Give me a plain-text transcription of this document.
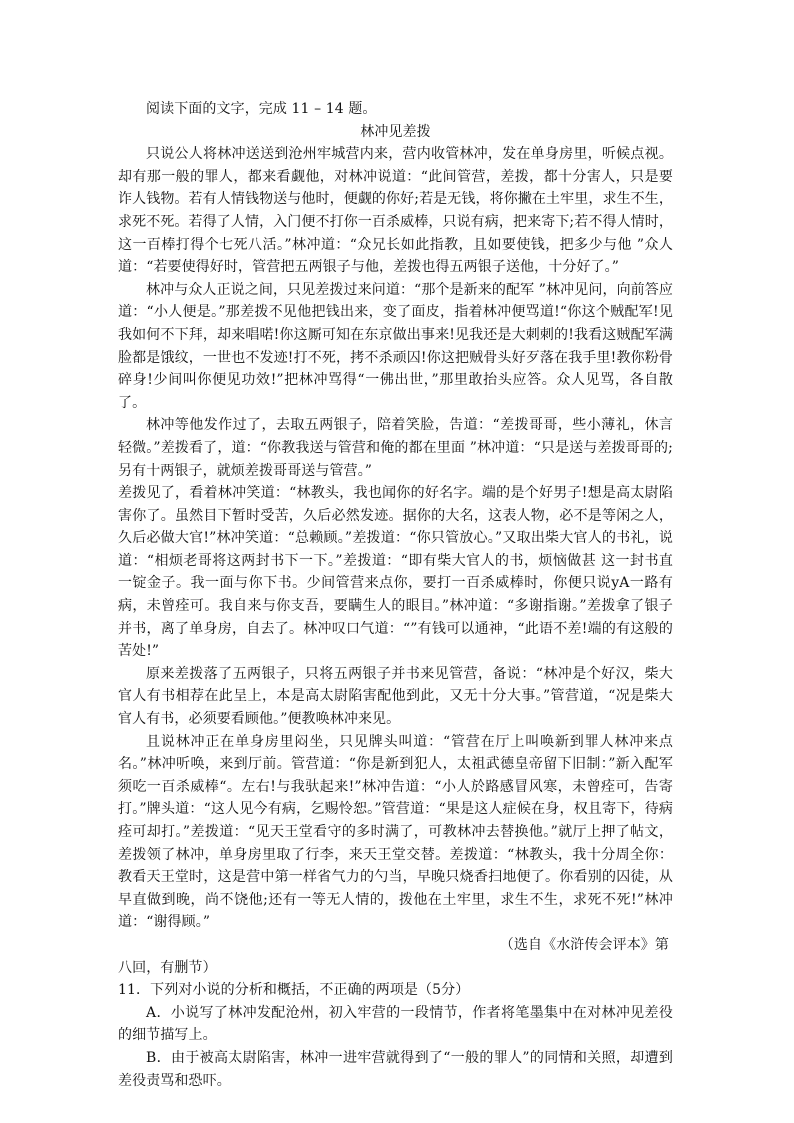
阅读下面的文字，完成 11 – 14 题。

林冲见差拨

只说公人将林冲送送到沧州牢城营内来，营内收管林冲，发在单身房里，听候点视。却有那一般的罪人，都来看觑他，对林冲说道：“此间管营，差拨，都十分害人，只是要诈人钱物。若有人情钱物送与他时，便觑的你好;若是无钱，将你撇在土牢里，求生不生，求死不死。若得了人情，入门便不打你一百杀威棒，只说有病，把来寄下;若不得人情时，这一百棒打得个七死八活。”林冲道：“众兄长如此指教，且如要使钱，把多少与他 ”众人道：“若要使得好时，管营把五两银子与他，差拨也得五两银子送他，十分好了。”

林冲与众人正说之间，只见差拨过来问道：“那个是新来的配军 ”林冲见问，向前答应道：“小人便是。”那差拨不见他把钱出来，变了面皮，指着林冲便骂道!“你这个贼配军!见我如何不下拜，却来唱喏!你这厮可知在东京做出事来!见我还是大刺刺的!我看这贼配军满脸都是饿纹，一世也不发迹!打不死，拷不杀顽囚!你这把贼骨头好歹落在我手里!教你粉骨碎身!少间叫你便见功效!”把林冲骂得“一佛出世，”那里敢抬头应答。众人见骂，各自散了。

林冲等他发作过了，去取五两银子，陪着笑脸，告道：“差拨哥哥，些小薄礼，休言轻微。”差拨看了，道：“你教我送与管营和俺的都在里面 ”林冲道：“只是送与差拨哥哥的;另有十两银子，就烦差拨哥哥送与管营。”

差拨见了，看着林冲笑道：“林教头，我也闻你的好名字。端的是个好男子!想是高太尉陷害你了。虽然目下暂时受苦，久后必然发迹。据你的大名，这表人物，必不是等闲之人，久后必做大官!”林冲笑道：“总赖顾。”差拨道：“你只管放心。”又取出柴大官人的书礼，说道：“相烦老哥将这两封书下一下。”差拨道：“即有柴大官人的书，烦恼做甚 这一封书直一锭金子。我一面与你下书。少间管营来点你，要打一百杀威棒时，你便只说yA一路有病，未曾痊可。我自来与你支吾，要瞒生人的眼目。”林冲道：“多谢指谢。”差拨拿了银子并书，离了单身房，自去了。林冲叹口气道：“”有钱可以通神，“此语不差!端的有这般的苦处!”

原来差拨落了五两银子，只将五两银子并书来见管营，备说：“林冲是个好汉，柴大官人有书相荐在此呈上，本是高太尉陷害配他到此，又无十分大事。”管营道，“况是柴大官人有书，必须要看顾他。”便教唤林冲来见。

且说林冲正在单身房里闷坐，只见牌头叫道：“管营在厅上叫唤新到罪人林冲来点名。”林冲听唤，来到厅前。管营道：“你是新到犯人，太祖武德皇帝留下旧制：”新入配军须吃一百杀威棒“。左右!与我驮起来!”林冲告道：“小人於路感冒风寒，未曾痊可，告寄打。”牌头道：“这人见今有病，乞赐怜恕。”管营道：“果是这人症候在身，权且寄下，待病痊可却打。”差拨道：“见天王堂看守的多时满了，可教林冲去替换他。”就厅上押了帖文，差拨领了林冲，单身房里取了行李，来天王堂交替。差拨道：“林教头，我十分周全你：教看天王堂时，这是营中第一样省气力的勺当，早晚只烧香扫地便了。你看别的囚徒，从早直做到晚，尚不饶他;还有一等无人情的，拨他在土牢里，求生不生，求死不死!”林冲道：“谢得顾。”

（选自《水浒传会评本》第

八回，有删节）

11．下列对小说的分析和概括，不正确的两项是（5分）

A．小说写了林冲发配沧州，初入牢营的一段情节，作者将笔墨集中在对林冲见差役的细节描写上。

B．由于被高太尉陷害，林冲一进牢营就得到了“一般的罪人”的同情和关照，却遭到差役责骂和恐吓。
